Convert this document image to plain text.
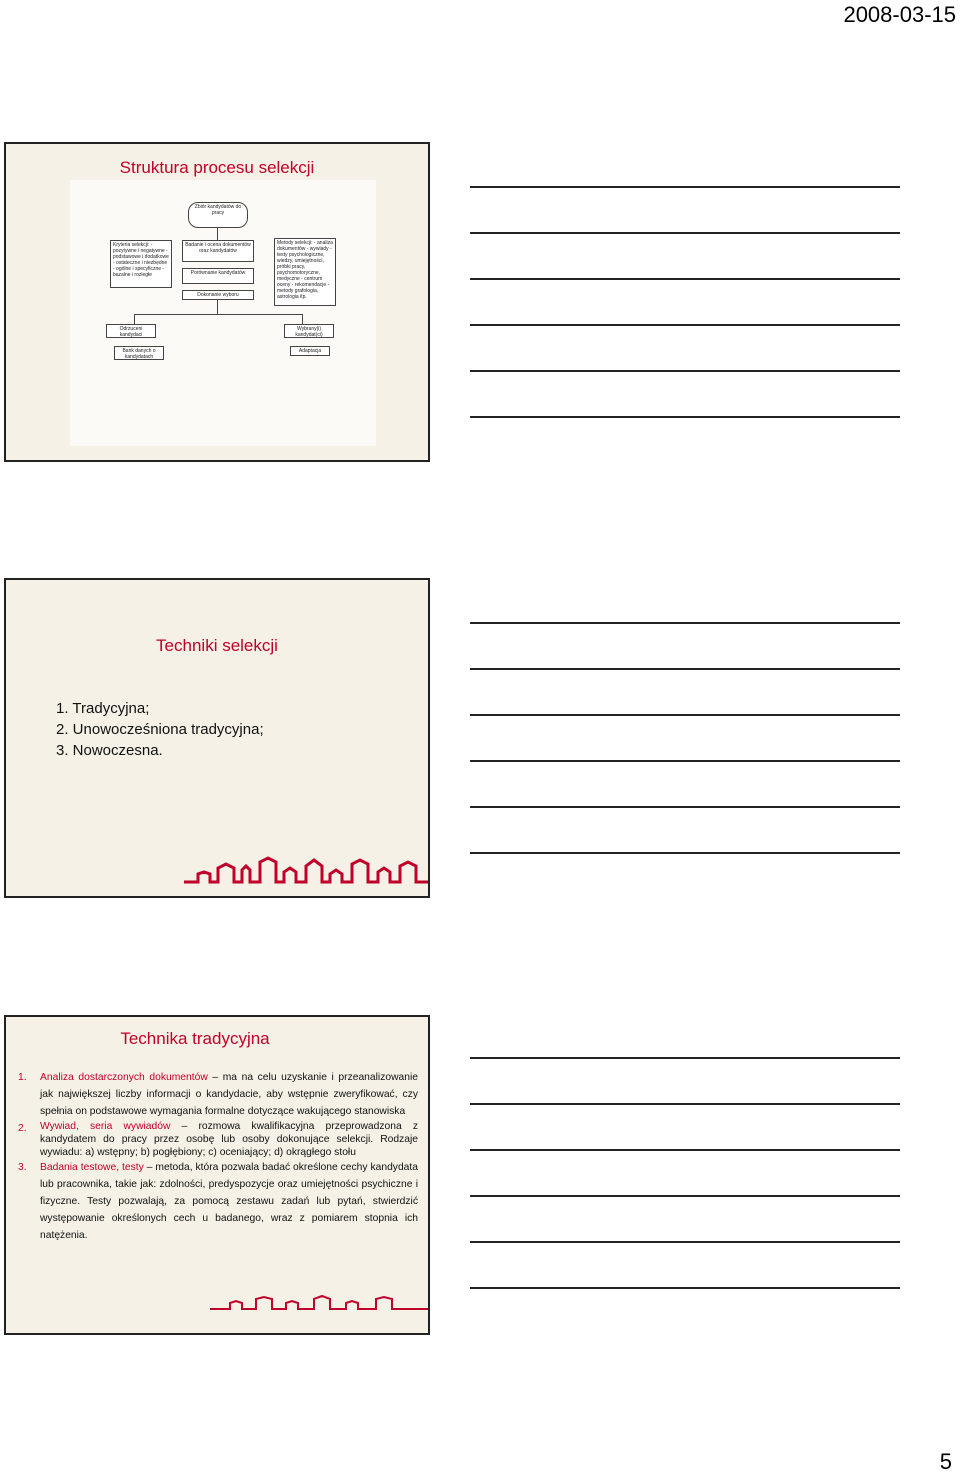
2008-03-15
Struktura procesu selekcji
Zbiór kandydatów do pracy
Kryteria selekcji: - pozytywne i negatywne - podstawowe i dodatkowe - ostateczne i niezbędne - ogólne i specyficzne - bazalne i rozległe
Badanie i ocena dokumentów oraz kandydatów
Porównanie kandydatów
Dokonanie wyboru
Metody selekcji: - analiza dokumentów - wywiady - testy psychologiczne, wiedzy, umiejętności, próbki pracy, psychomotoryczne, medyczne - centrum oceny - rekomendacje - metody grafologia, astrologia itp.
Odrzuceni kandydaci
Bank danych o kandydatach
Wybrany(i) kandydat(ci)
Adaptacja
Techniki selekcji
1. Tradycyjna;
2. Unowocześniona tradycyjna;
3. Nowoczesna.
Technika tradycyjna
1.	Analiza dostarczonych dokumentów – ma na celu uzyskanie i przeanalizowanie jak największej liczby informacji o kandydacie, aby wstępnie zweryfikować, czy spełnia on podstawowe wymagania formalne dotyczące wakującego stanowiska
2.	Wywiad, seria wywiadów – rozmowa kwalifikacyjna przeprowadzona z kandydatem do pracy przez osobę lub osoby dokonujące selekcji. Rodzaje wywiadu: a) wstępny; b) pogłębiony; c) oceniający; d) okrągłego stołu
3.	Badania testowe, testy – metoda, która pozwala badać określone cechy kandydata lub pracownika, takie jak: zdolności, predyspozycje oraz umiejętności psychiczne i fizyczne. Testy pozwalają, za pomocą zestawu zadań lub pytań, stwierdzić występowanie określonych cech u badanego, wraz z pomiarem stopnia ich natężenia.
5
